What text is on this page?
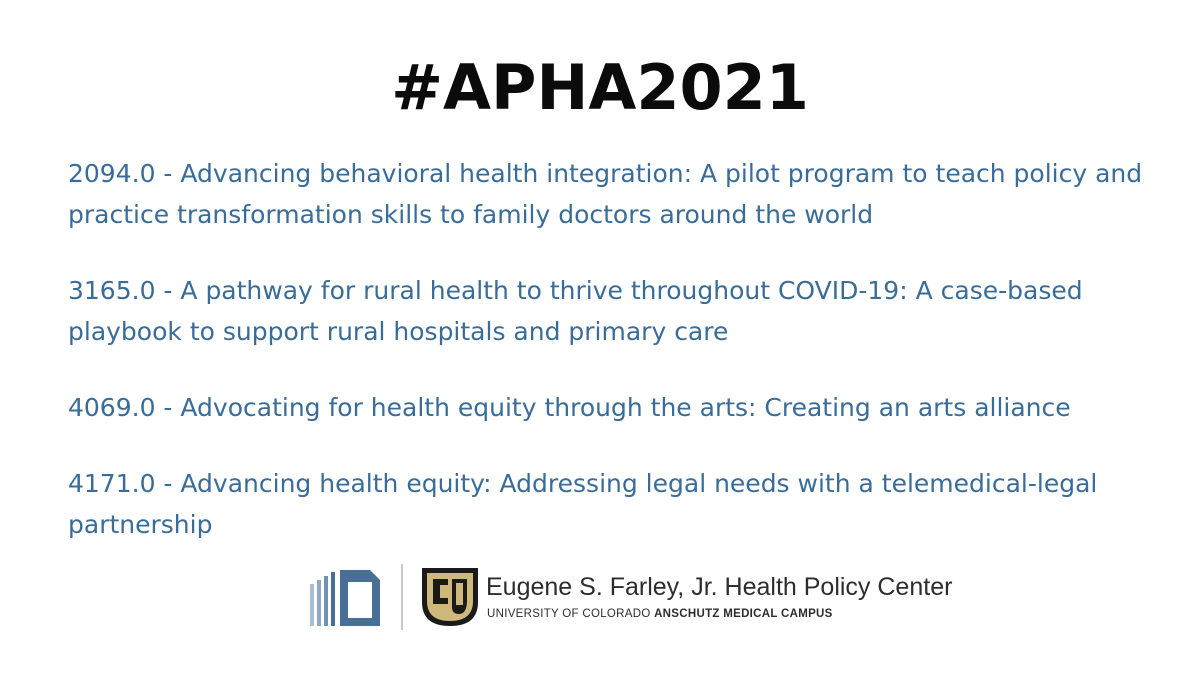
#APHA2021
2094.0 - Advancing behavioral health integration: A pilot program to teach policy and practice transformation skills to family doctors around the world
3165.0 - A pathway for rural health to thrive throughout COVID-19: A case-based playbook to support rural hospitals and primary care
4069.0 - Advocating for health equity through the arts: Creating an arts alliance
4171.0 - Advancing health equity: Addressing legal needs with a telemedical-legal partnership
Eugene S. Farley, Jr. Health Policy Center
UNIVERSITY OF COLORADO ANSCHUTZ MEDICAL CAMPUS
